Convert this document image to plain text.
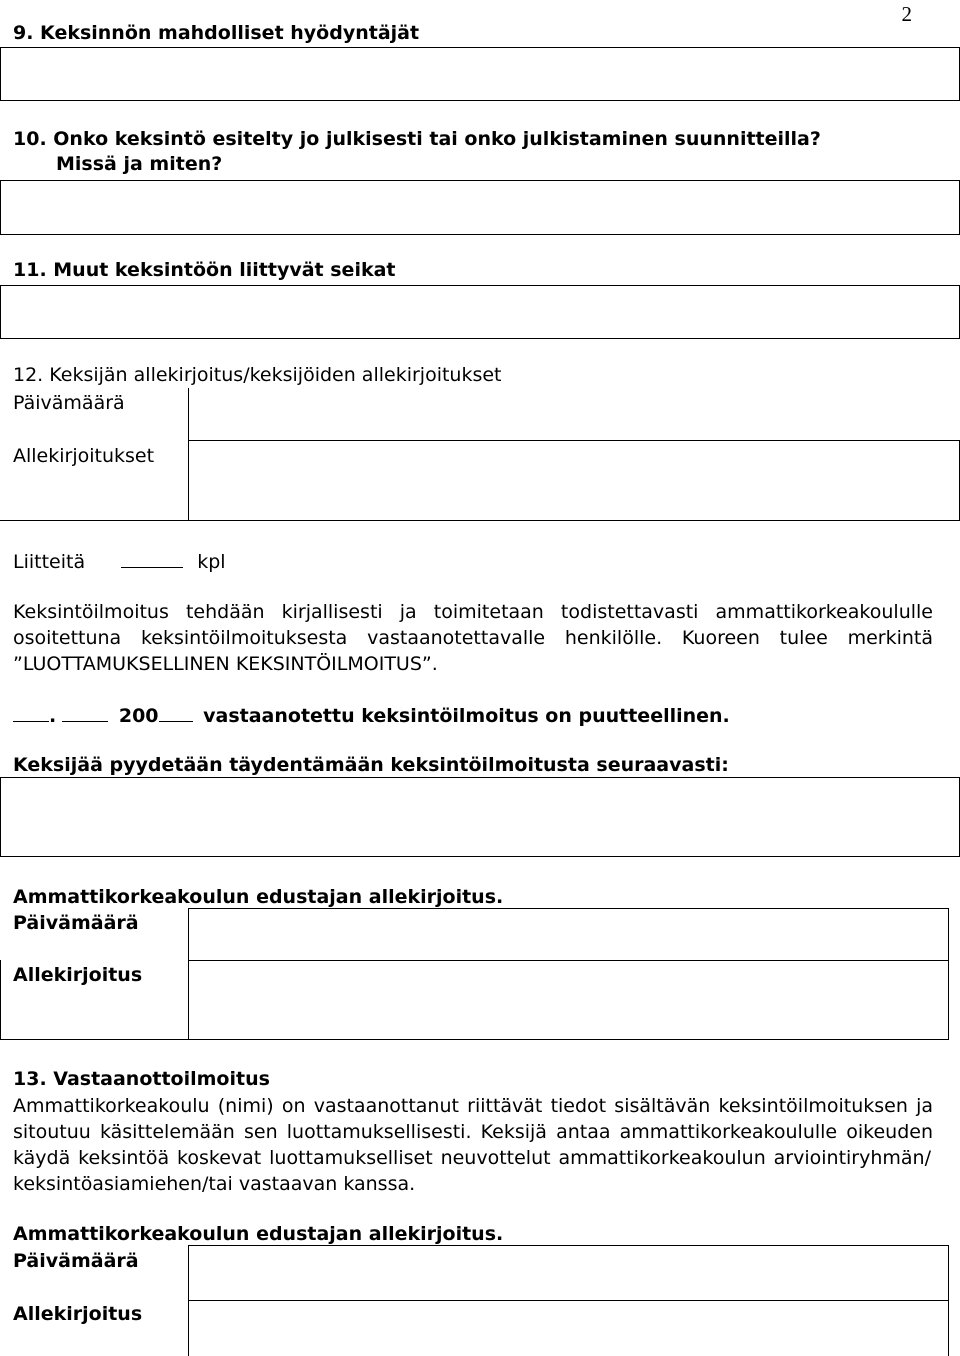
2
9. Keksinnön mahdolliset hyödyntäjät
10. Onko keksintö esitelty jo julkisesti tai onko julkistaminen suunnitteilla?
Missä ja miten?
11. Muut keksintöön liittyvät seikat
12. Keksijän allekirjoitus/keksijöiden allekirjoitukset
Päivämäärä
Allekirjoitukset
Liitteitä	kpl
Keksintöilmoitus tehdään kirjallisesti ja toimitetaan todistettavasti ammattikorkeakoululle
osoitettuna keksintöilmoituksesta vastaanotettavalle henkilölle. Kuoreen tulee merkintä
”LUOTTAMUKSELLINEN KEKSINTÖILMOITUS”.
.	200 vastaanotettu keksintöilmoitus on puutteellinen.
Keksijää pyydetään täydentämään keksintöilmoitusta seuraavasti:
Ammattikorkeakoulun edustajan allekirjoitus.
Päivämäärä
Allekirjoitus
13. Vastaanottoilmoitus
Ammattikorkeakoulu (nimi) on vastaanottanut riittävät tiedot sisältävän keksintöilmoituksen ja
sitoutuu käsittelemään sen luottamuksellisesti. Keksijä antaa ammattikorkeakoululle oikeuden
käydä keksintöä koskevat luottamukselliset neuvottelut ammattikorkeakoulun arviointiryhmän/
keksintöasiamiehen/tai vastaavan kanssa.
Ammattikorkeakoulun edustajan allekirjoitus.
Päivämäärä
Allekirjoitus
